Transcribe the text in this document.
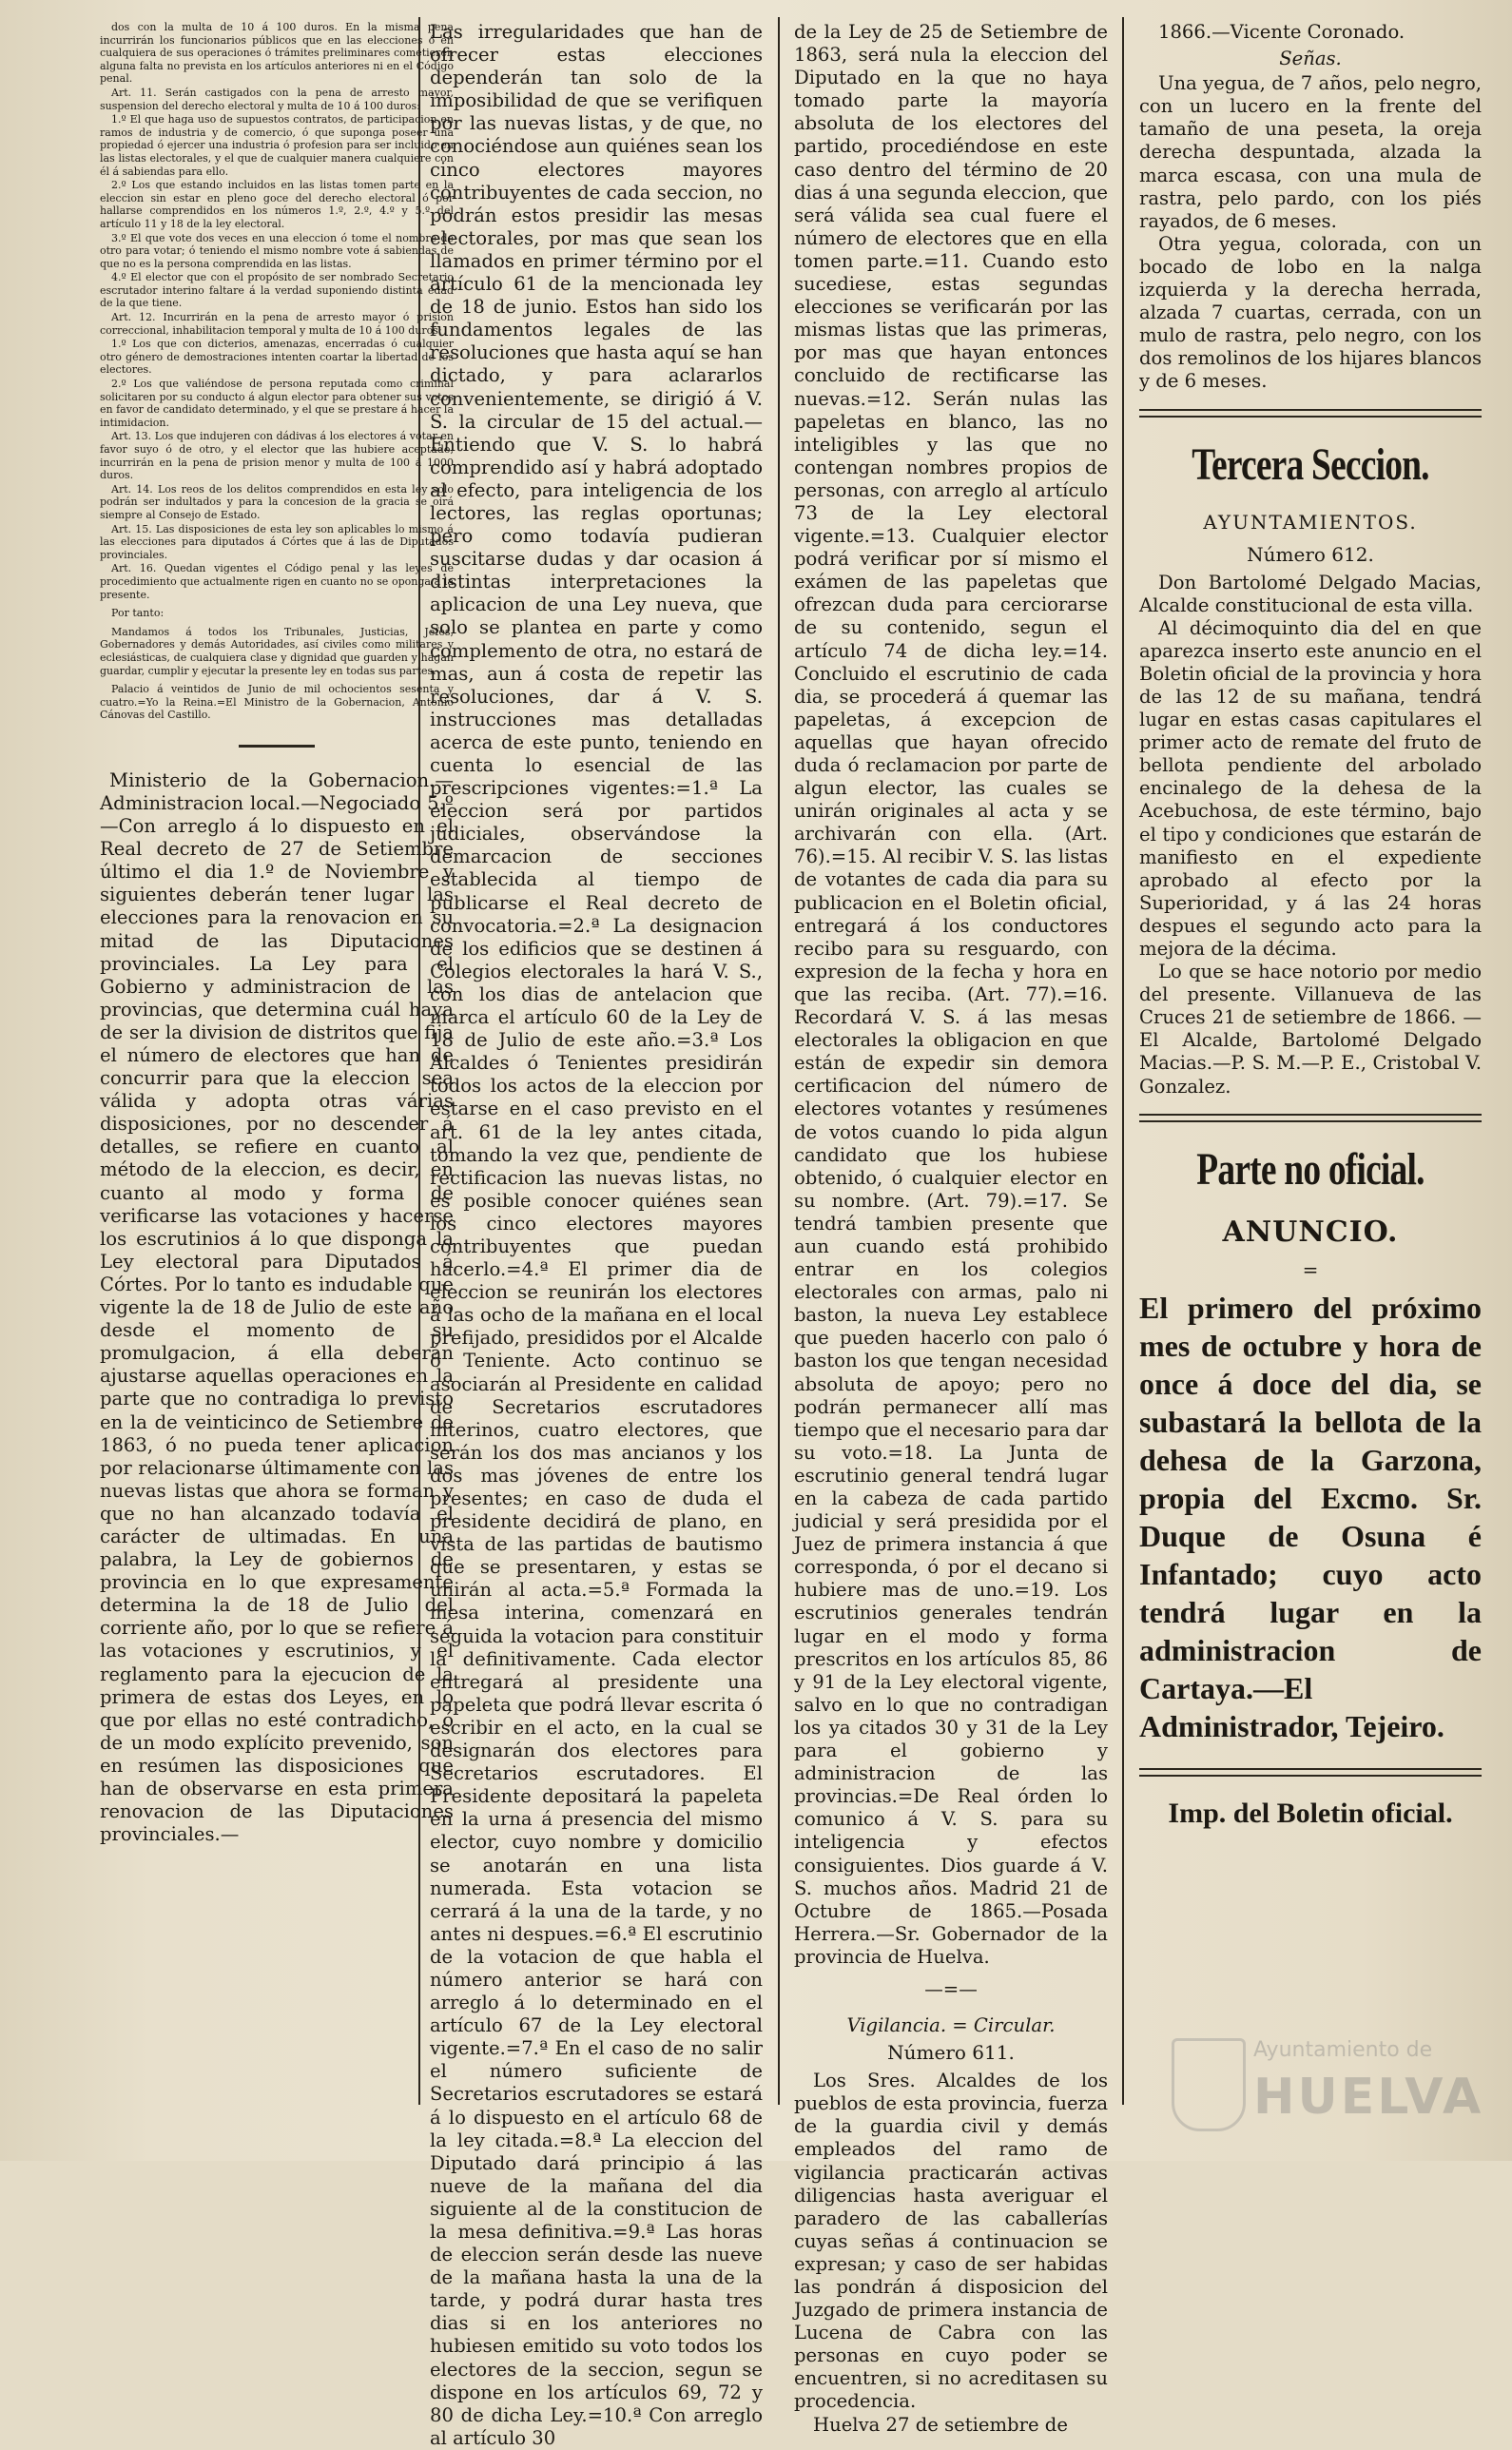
dos con la multa de 10 á 100 duros. En la misma pena incurrirán los funcionarios públicos que en las elecciones ó en cualquiera de sus operaciones ó trámites preliminares cometieren alguna falta no prevista en los artículos anteriores ni en el Código penal.

Art. 11. Serán castigados con la pena de arresto mayor, suspension del derecho electoral y multa de 10 á 100 duros:

1.º El que haga uso de supuestos contratos, de participacion en ramos de industria y de comercio, ó que suponga poseer una propiedad ó ejercer una industria ó profesion para ser incluido en las listas electorales, y el que de cualquier manera cualquiere con él á sabiendas para ello.

2.º Los que estando incluidos en las listas tomen parte en la eleccion sin estar en pleno goce del derecho electoral ó por hallarse comprendidos en los números 1.º, 2.º, 4.º y 5.º del artículo 11 y 18 de la ley electoral.

3.º El que vote dos veces en una eleccion ó tome el nombre de otro para votar; ó teniendo el mismo nombre vote á sabiendas de que no es la persona comprendida en las listas.

4.º El elector que con el propósito de ser nombrado Secretario escrutador interino faltare á la verdad suponiendo distinta edad de la que tiene.

Art. 12. Incurrirán en la pena de arresto mayor ó prision correccional, inhabilitacion temporal y multa de 10 á 100 duros:

1.º Los que con dicterios, amenazas, encerradas ó cualquier otro género de demostraciones intenten coartar la libertad de los electores.

2.º Los que valiéndose de persona reputada como criminal solicitaren por su conducto á algun elector para obtener sus votos en favor de candidato determinado, y el que se prestare á hacer la intimidacion.

Art. 13. Los que indujeren con dádivas á los electores á votar en favor suyo ó de otro, y el elector que las hubiere aceptado, incurrirán en la pena de prision menor y multa de 100 á 1000 duros.

Art. 14. Los reos de los delitos comprendidos en esta ley solo podrán ser indultados y para la concesion de la gracia se oirá siempre al Consejo de Estado.

Art. 15. Las disposiciones de esta ley son aplicables lo mismo á las elecciones para diputados á Córtes que á las de Diputados provinciales.

Art. 16. Quedan vigentes el Código penal y las leyes de procedimiento que actualmente rigen en cuanto no se oponga á la presente.

Por tanto:

Mandamos á todos los Tribunales, Justicias, Jefes, Gobernadores y demás Autoridades, así civiles como militares y eclesiásticas, de cualquiera clase y dignidad que guarden y hagan guardar, cumplir y ejecutar la presente ley en todas sus partes.

Palacio á veintidos de Junio de mil ochocientos sesenta y cuatro.=Yo la Reina.=El Ministro de la Gobernacion, Antonio Cánovas del Castillo.

Ministerio de la Gobernacion.—Administracion local.—Negociado 5.º—Con arreglo á lo dispuesto en el Real decreto de 27 de Setiembre último el dia 1.º de Noviembre y siguientes deberán tener lugar las elecciones para la renovacion en su mitad de las Diputaciones provinciales. La Ley para el Gobierno y administracion de las provincias, que determina cuál haya de ser la division de distritos que fija el número de electores que han de concurrir para que la eleccion sea válida y adopta otras várias disposiciones, por no descender á detalles, se refiere en cuanto al método de la eleccion, es decir, en cuanto al modo y forma de verificarse las votaciones y hacerse los escrutinios á lo que disponga la Ley electoral para Diputados á Córtes. Por lo tanto es indudable que vigente la de 18 de Julio de este año desde el momento de su promulgacion, á ella deberán ajustarse aquellas operaciones en la parte que no contradiga lo previsto en la de veinticinco de Setiembre de 1863, ó no pueda tener aplicacion por relacionarse últimamente con las nuevas listas que ahora se forman y que no han alcanzado todavía el carácter de ultimadas. En una palabra, la Ley de gobiernos de provincia en lo que expresamente determina la de 18 de Julio del corriente año, por lo que se refiere á las votaciones y escrutinios, y el reglamento para la ejecucion de la primera de estas dos Leyes, en lo que por ellas no esté contradicho, ó de un modo explícito prevenido, son en resúmen las disposiciones que han de observarse en esta primera renovacion de las Diputaciones provinciales.—

Las irregularidades que han de ofrecer estas elecciones dependerán tan solo de la imposibilidad de que se verifiquen por las nuevas listas, y de que, no conociéndose aun quiénes sean los cinco electores mayores contribuyentes de cada seccion, no podrán estos presidir las mesas electorales, por mas que sean los llamados en primer término por el artículo 61 de la mencionada ley de 18 de junio. Estos han sido los fundamentos legales de las resoluciones que hasta aquí se han dictado, y para aclararlos convenientemente, se dirigió á V. S. la circular de 15 del actual.—Entiendo que V. S. lo habrá comprendido así y habrá adoptado al efecto, para inteligencia de los lectores, las reglas oportunas; pero como todavía pudieran suscitarse dudas y dar ocasion á distintas interpretaciones la aplicacion de una Ley nueva, que solo se plantea en parte y como complemento de otra, no estará de mas, aun á costa de repetir las resoluciones, dar á V. S. instrucciones mas detalladas acerca de este punto, teniendo en cuenta lo esencial de las prescripciones vigentes:=1.ª La eleccion será por partidos judiciales, observándose la demarcacion de secciones establecida al tiempo de publicarse el Real decreto de convocatoria.=2.ª La designacion de los edificios que se destinen á Colegios electorales la hará V. S., con los dias de antelacion que marca el artículo 60 de la Ley de 18 de Julio de este año.=3.ª Los Alcaldes ó Tenientes presidirán todos los actos de la eleccion por estarse en el caso previsto en el art. 61 de la ley antes citada, tomando la vez que, pendiente de rectificacion las nuevas listas, no es posible conocer quiénes sean los cinco electores mayores contribuyentes que puedan hacerlo.=4.ª El primer dia de eleccion se reunirán los electores á las ocho de la mañana en el local prefijado, presididos por el Alcalde ó Teniente. Acto continuo se asociarán al Presidente en calidad de Secretarios escrutadores interinos, cuatro electores, que serán los dos mas ancianos y los dos mas jóvenes de entre los presentes; en caso de duda el presidente decidirá de plano, en vista de las partidas de bautismo que se presentaren, y estas se unirán al acta.=5.ª Formada la mesa interina, comenzará en seguida la votacion para constituir la definitivamente. Cada elector entregará al presidente una papeleta que podrá llevar escrita ó escribir en el acto, en la cual se designarán dos electores para Secretarios escrutadores. El Presidente depositará la papeleta en la urna á presencia del mismo elector, cuyo nombre y domicilio se anotarán en una lista numerada. Esta votacion se cerrará á la una de la tarde, y no antes ni despues.=6.ª El escrutinio de la votacion de que habla el número anterior se hará con arreglo á lo determinado en el artículo 67 de la Ley electoral vigente.=7.ª En el caso de no salir el número suficiente de Secretarios escrutadores se estará á lo dispuesto en el artículo 68 de la ley citada.=8.ª La eleccion del Diputado dará principio á las nueve de la mañana del dia siguiente al de la constitucion de la mesa definitiva.=9.ª Las horas de eleccion serán desde las nueve de la mañana hasta la una de la tarde, y podrá durar hasta tres dias si en los anteriores no hubiesen emitido su voto todos los electores de la seccion, segun se dispone en los artículos 69, 72 y 80 de dicha Ley.=10.ª Con arreglo al artículo 30

de la Ley de 25 de Setiembre de 1863, será nula la eleccion del Diputado en la que no haya tomado parte la mayoría absoluta de los electores del partido, procediéndose en este caso dentro del término de 20 dias á una segunda eleccion, que será válida sea cual fuere el número de electores que en ella tomen parte.=11. Cuando esto sucediese, estas segundas elecciones se verificarán por las mismas listas que las primeras, por mas que hayan entonces concluido de rectificarse las nuevas.=12. Serán nulas las papeletas en blanco, las no inteligibles y las que no contengan nombres propios de personas, con arreglo al artículo 73 de la Ley electoral vigente.=13. Cualquier elector podrá verificar por sí mismo el exámen de las papeletas que ofrezcan duda para cerciorarse de su contenido, segun el artículo 74 de dicha ley.=14. Concluido el escrutinio de cada dia, se procederá á quemar las papeletas, á excepcion de aquellas que hayan ofrecido duda ó reclamacion por parte de algun elector, las cuales se unirán originales al acta y se archivarán con ella. (Art. 76).=15. Al recibir V. S. las listas de votantes de cada dia para su publicacion en el Boletin oficial, entregará á los conductores recibo para su resguardo, con expresion de la fecha y hora en que las reciba. (Art. 77).=16. Recordará V. S. á las mesas electorales la obligacion en que están de expedir sin demora certificacion del número de electores votantes y resúmenes de votos cuando lo pida algun candidato que los hubiese obtenido, ó cualquier elector en su nombre. (Art. 79).=17. Se tendrá tambien presente que aun cuando está prohibido entrar en los colegios electorales con armas, palo ni baston, la nueva Ley establece que pueden hacerlo con palo ó baston los que tengan necesidad absoluta de apoyo; pero no podrán permanecer allí mas tiempo que el necesario para dar su voto.=18. La Junta de escrutinio general tendrá lugar en la cabeza de cada partido judicial y será presidida por el Juez de primera instancia á que corresponda, ó por el decano si hubiere mas de uno.=19. Los escrutinios generales tendrán lugar en el modo y forma prescritos en los artículos 85, 86 y 91 de la Ley electoral vigente, salvo en lo que no contradigan los ya citados 30 y 31 de la Ley para el gobierno y administracion de las provincias.=De Real órden lo comunico á V. S. para su inteligencia y efectos consiguientes. Dios guarde á V. S. muchos años. Madrid 21 de Octubre de 1865.—Posada Herrera.—Sr. Gobernador de la provincia de Huelva.

—=—
Vigilancia. = Circular.
Número 611.

Los Sres. Alcaldes de los pueblos de esta provincia, fuerza de la guardia civil y demás empleados del ramo de vigilancia practicarán activas diligencias hasta averiguar el paradero de las caballerías cuyas señas á continuacion se expresan; y caso de ser habidas las pondrán á disposicion del Juzgado de primera instancia de Lucena de Cabra con las personas en cuyo poder se encuentren, si no acreditasen su procedencia.

Huelva 27 de setiembre de

1866.—Vicente Coronado.

Señas.

Una yegua, de 7 años, pelo negro, con un lucero en la frente del tamaño de una peseta, la oreja derecha despuntada, alzada la marca escasa, con una mula de rastra, pelo pardo, con los piés rayados, de 6 meses.

Otra yegua, colorada, con un bocado de lobo en la nalga izquierda y la derecha herrada, alzada 7 cuartas, cerrada, con un mulo de rastra, pelo negro, con los dos remolinos de los hijares blancos y de 6 meses.

Tercera Seccion.
AYUNTAMIENTOS.
Número 612.

Don Bartolomé Delgado Macias, Alcalde constitucional de esta villa.

Al décimoquinto dia del en que aparezca inserto este anuncio en el Boletin oficial de la provincia y hora de las 12 de su mañana, tendrá lugar en estas casas capitulares el primer acto de remate del fruto de bellota pendiente del arbolado encinalego de la dehesa de la Acebuchosa, de este término, bajo el tipo y condiciones que estarán de manifiesto en el expediente aprobado al efecto por la Superioridad, y á las 24 horas despues el segundo acto para la mejora de la décima.

Lo que se hace notorio por medio del presente. Villanueva de las Cruces 21 de setiembre de 1866. —El Alcalde, Bartolomé Delgado Macias.—P. S. M.—P. E., Cristobal V. Gonzalez.

Parte no oficial.
ANUNCIO.
=
El primero del próximo mes de octubre y hora de once á doce del dia, se subastará la bellota de la dehesa de la Garzona, propia del Excmo. Sr. Duque de Osuna é Infantado; cuyo acto tendrá lugar en la administracion de Cartaya.—El Administrador, Tejeiro.
Imp. del Boletin oficial.
Ayuntamiento de
HUELVA
